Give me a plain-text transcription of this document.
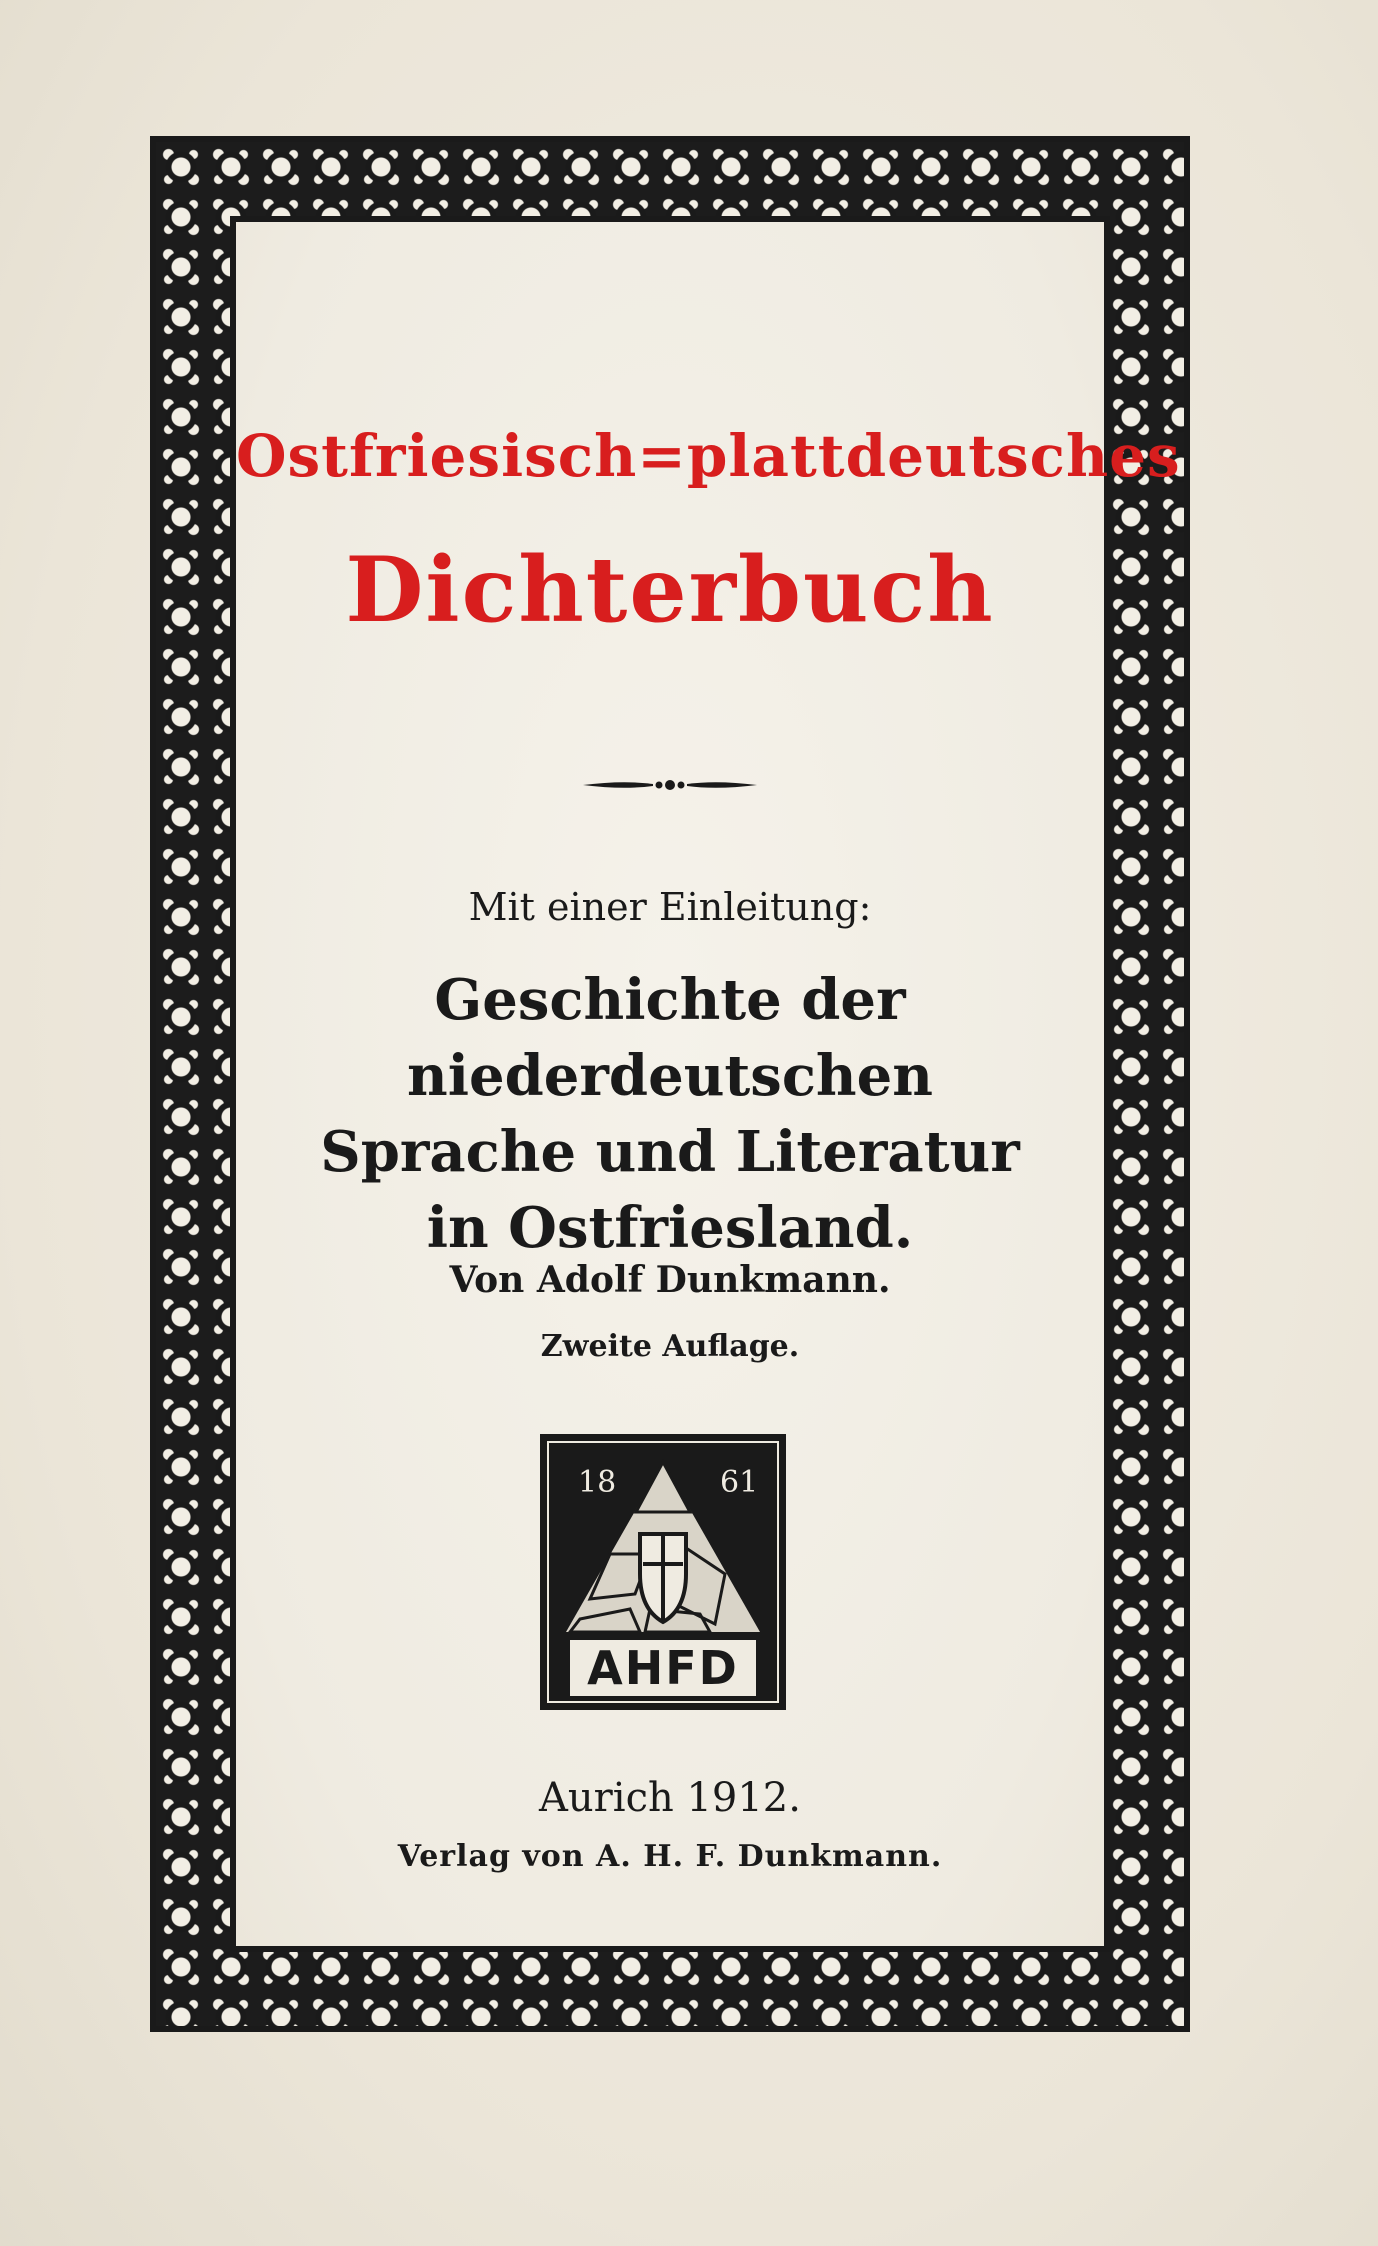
Ostfriesisch=plattdeutsches
Dichterbuch
Mit einer Einleitung:
Geschichte der niederdeutschen
Sprache und Literatur
in Ostfriesland.
Von Adolf Dunkmann.
Zweite Auflage.
18	61
AHFD
Aurich 1912.
Verlag von A. H. F. Dunkmann.
